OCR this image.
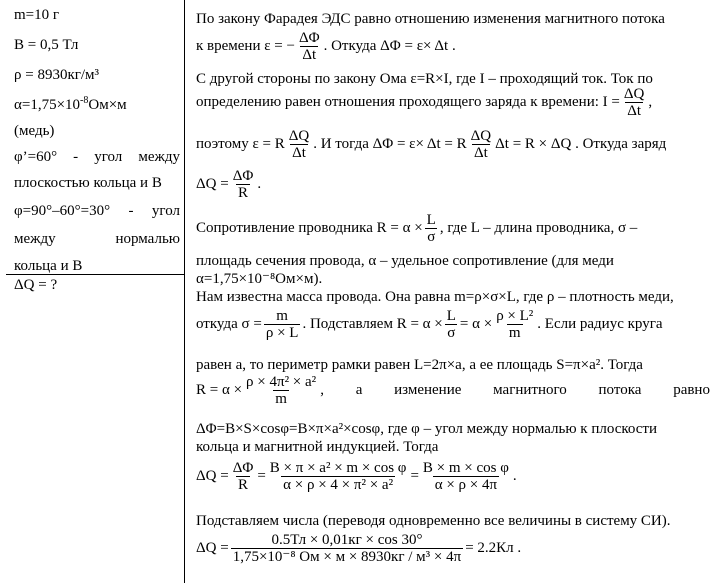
m=10 г
B = 0,5 Тл
ρ = 8930кг/м³
$\alpha=1,75\times 10^{-8}Ом\times м$
(медь)
φ’=60° - угол между
плоскостью кольца и B
φ=90°–60°=30° - угол
между	нормалью
кольца и B
ΔQ = ?
По закону Фарадея ЭДС равно отношению изменения магнитного потока
к времени ε = − $\frac{\Delta\Phi}{\Delta t}$ . Откуда ΔΦ = ε× Δt .
С другой стороны по закону Ома ε=R×I, где I – проходящий ток. Ток по
определению равен отношения проходящего заряда к времени: $I = \frac{\Delta Q}{\Delta t}$ ,
поэтому ε = R $\frac{\Delta Q}{\Delta t}$ . И тогда ΔΦ = ε× Δt = R $\frac{\Delta Q}{\Delta t}$ Δt = R × ΔQ . Откуда заряд
$\Delta Q = \frac{\Delta\Phi}{R}$ .
Сопротивление проводника $R = \alpha \times \frac{L}{\sigma}$ , где L – длина проводника, σ –
площадь сечения провода, α – удельное сопротивление (для меди
α=1,75×10⁻⁸Ом×м).
Нам известна масса провода. Она равна m=ρ×σ×L, где ρ – плотность меди,
откуда $\sigma = \frac{m}{\rho \times L}$ . Подставляем $R = \alpha \times \frac{L}{\sigma} = \alpha \times \frac{\text{ρ × L²}}{m}$ . Если радиус круга
равен a, то периметр рамки равен L=2π×a, а ее площадь S=π×a². Тогда
$R = \alpha \times \frac{\text{ρ × 4π² × a²}}{m}$ , а изменение магнитного потока равно
ΔΦ=B×S×cosφ=B×π×a²×cosφ, где φ – угол между нормалью к плоскости
кольца и магнитной индукцией. Тогда
$\Delta Q = \frac{\Delta\Phi}{R} = \frac{\text{B × π × a² × m × cos φ}}{\text{α × ρ × 4 × π² × a²}} = \frac{\text{B × m × cos φ}}{\alpha \times \rho \times 4\pi}$ .
Подставляем числа (переводя одновременно все величины в систему СИ).
$\Delta Q = \frac{0.5Тл \times 0,01кг \times \cos 30^\circ}{\text{1,75×10⁻⁸ Ом × м × 8930кг / м³ × 4π}} = 2.2Кл$ .
